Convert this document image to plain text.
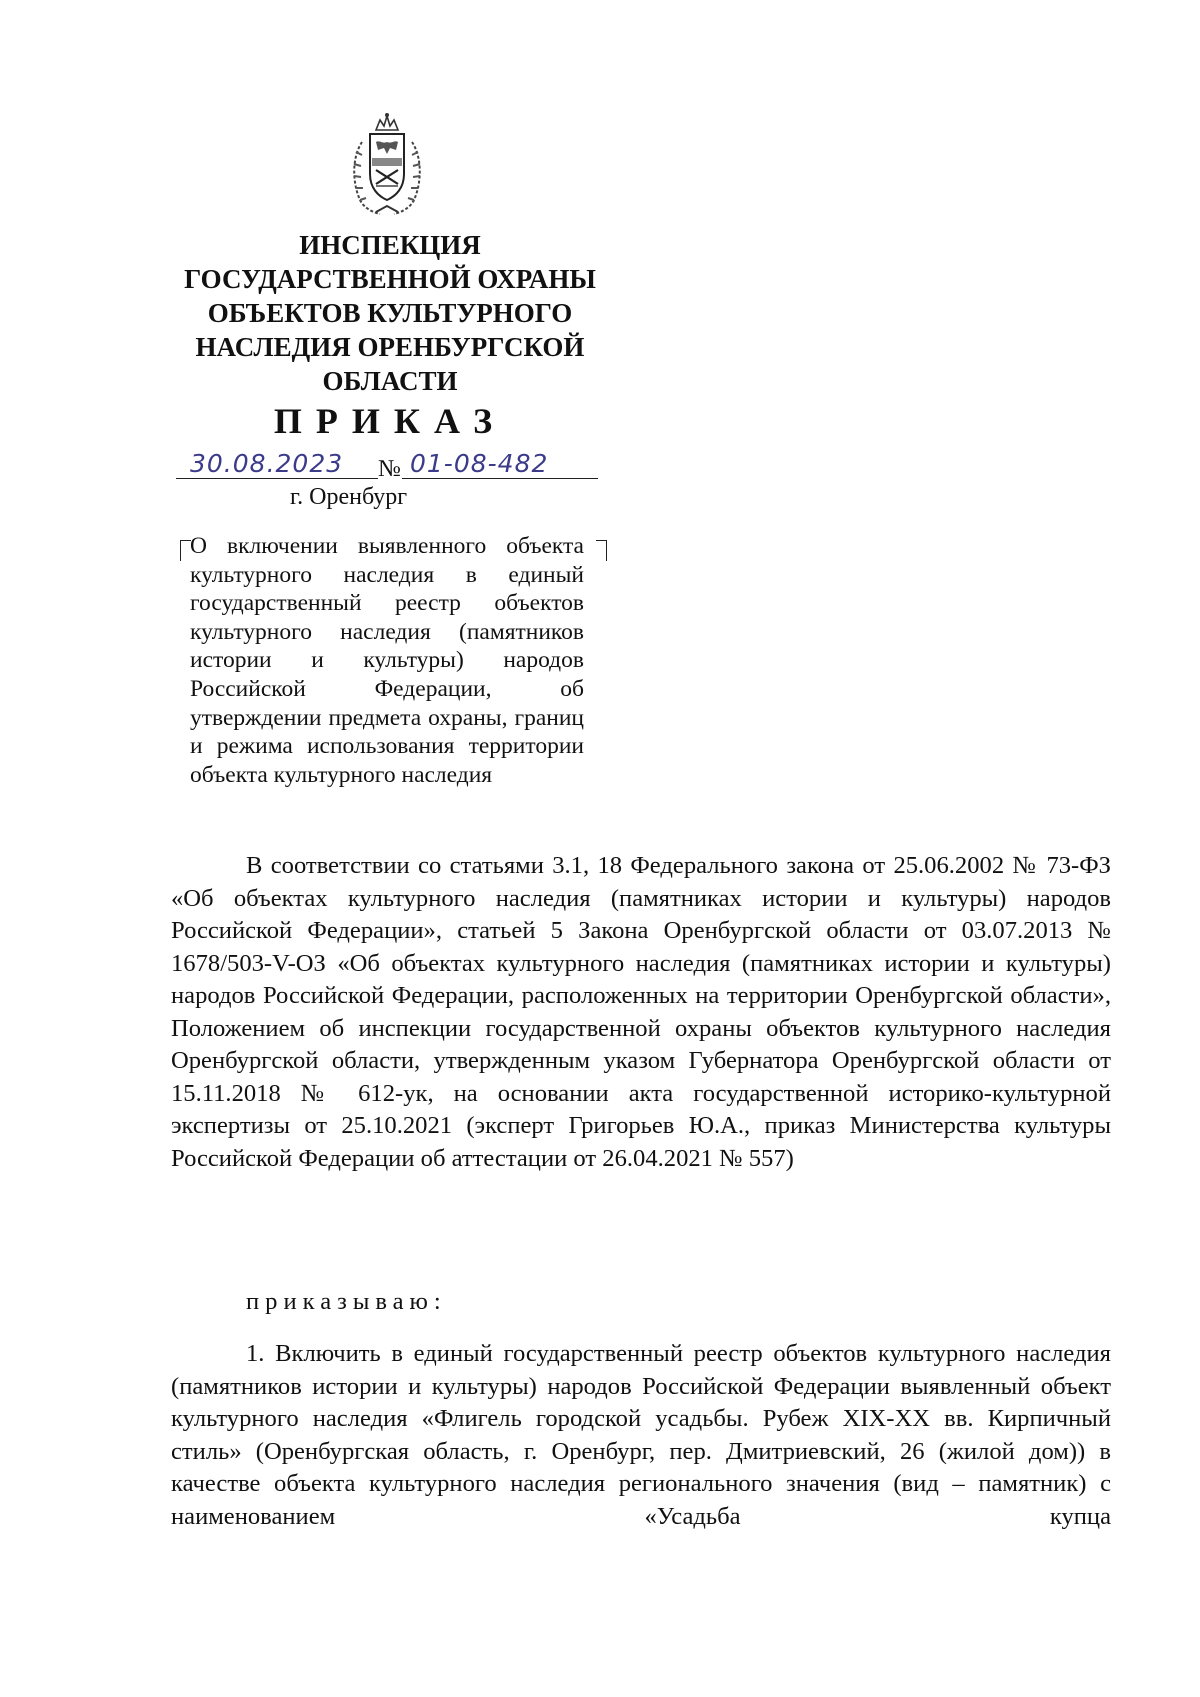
ИНСПЕКЦИЯ
ГОСУДАРСТВЕННОЙ ОХРАНЫ
ОБЪЕКТОВ КУЛЬТУРНОГО
НАСЛЕДИЯ ОРЕНБУРГСКОЙ
ОБЛАСТИ
ПРИКАЗ
30.08.2023 № 01-08-482
г. Оренбург
О включении выявленного объекта культурного наследия в единый государственный реестр объектов культурного наследия (памятников истории и культуры) народов Российской Федерации, об утверждении предмета охраны, границ и режима использования территории объекта культурного наследия
В соответствии со статьями 3.1, 18 Федерального закона от 25.06.2002 № 73-ФЗ «Об объектах культурного наследия (памятниках истории и культуры) народов Российской Федерации», статьей 5 Закона Оренбургской области от 03.07.2013 № 1678/503-V-ОЗ «Об объектах культурного наследия (памятниках истории и культуры) народов Российской Федерации, расположенных на территории Оренбургской области», Положением об инспекции государственной охраны объектов культурного наследия Оренбургской области, утвержденным указом Губернатора Оренбургской области от 15.11.2018 № 612-ук, на основании акта государственной историко-культурной экспертизы от 25.10.2021 (эксперт Григорьев Ю.А., приказ Министерства культуры Российской Федерации об аттестации от 26.04.2021 № 557)
приказываю:
1. Включить в единый государственный реестр объектов культурного наследия (памятников истории и культуры) народов Российской Федерации выявленный объект культурного наследия «Флигель городской усадьбы. Рубеж XIX-XX вв. Кирпичный стиль» (Оренбургская область, г. Оренбург, пер. Дмитриевский, 26 (жилой дом)) в качестве объекта культурного наследия регионального значения (вид – памятник) с наименованием «Усадьба купца
